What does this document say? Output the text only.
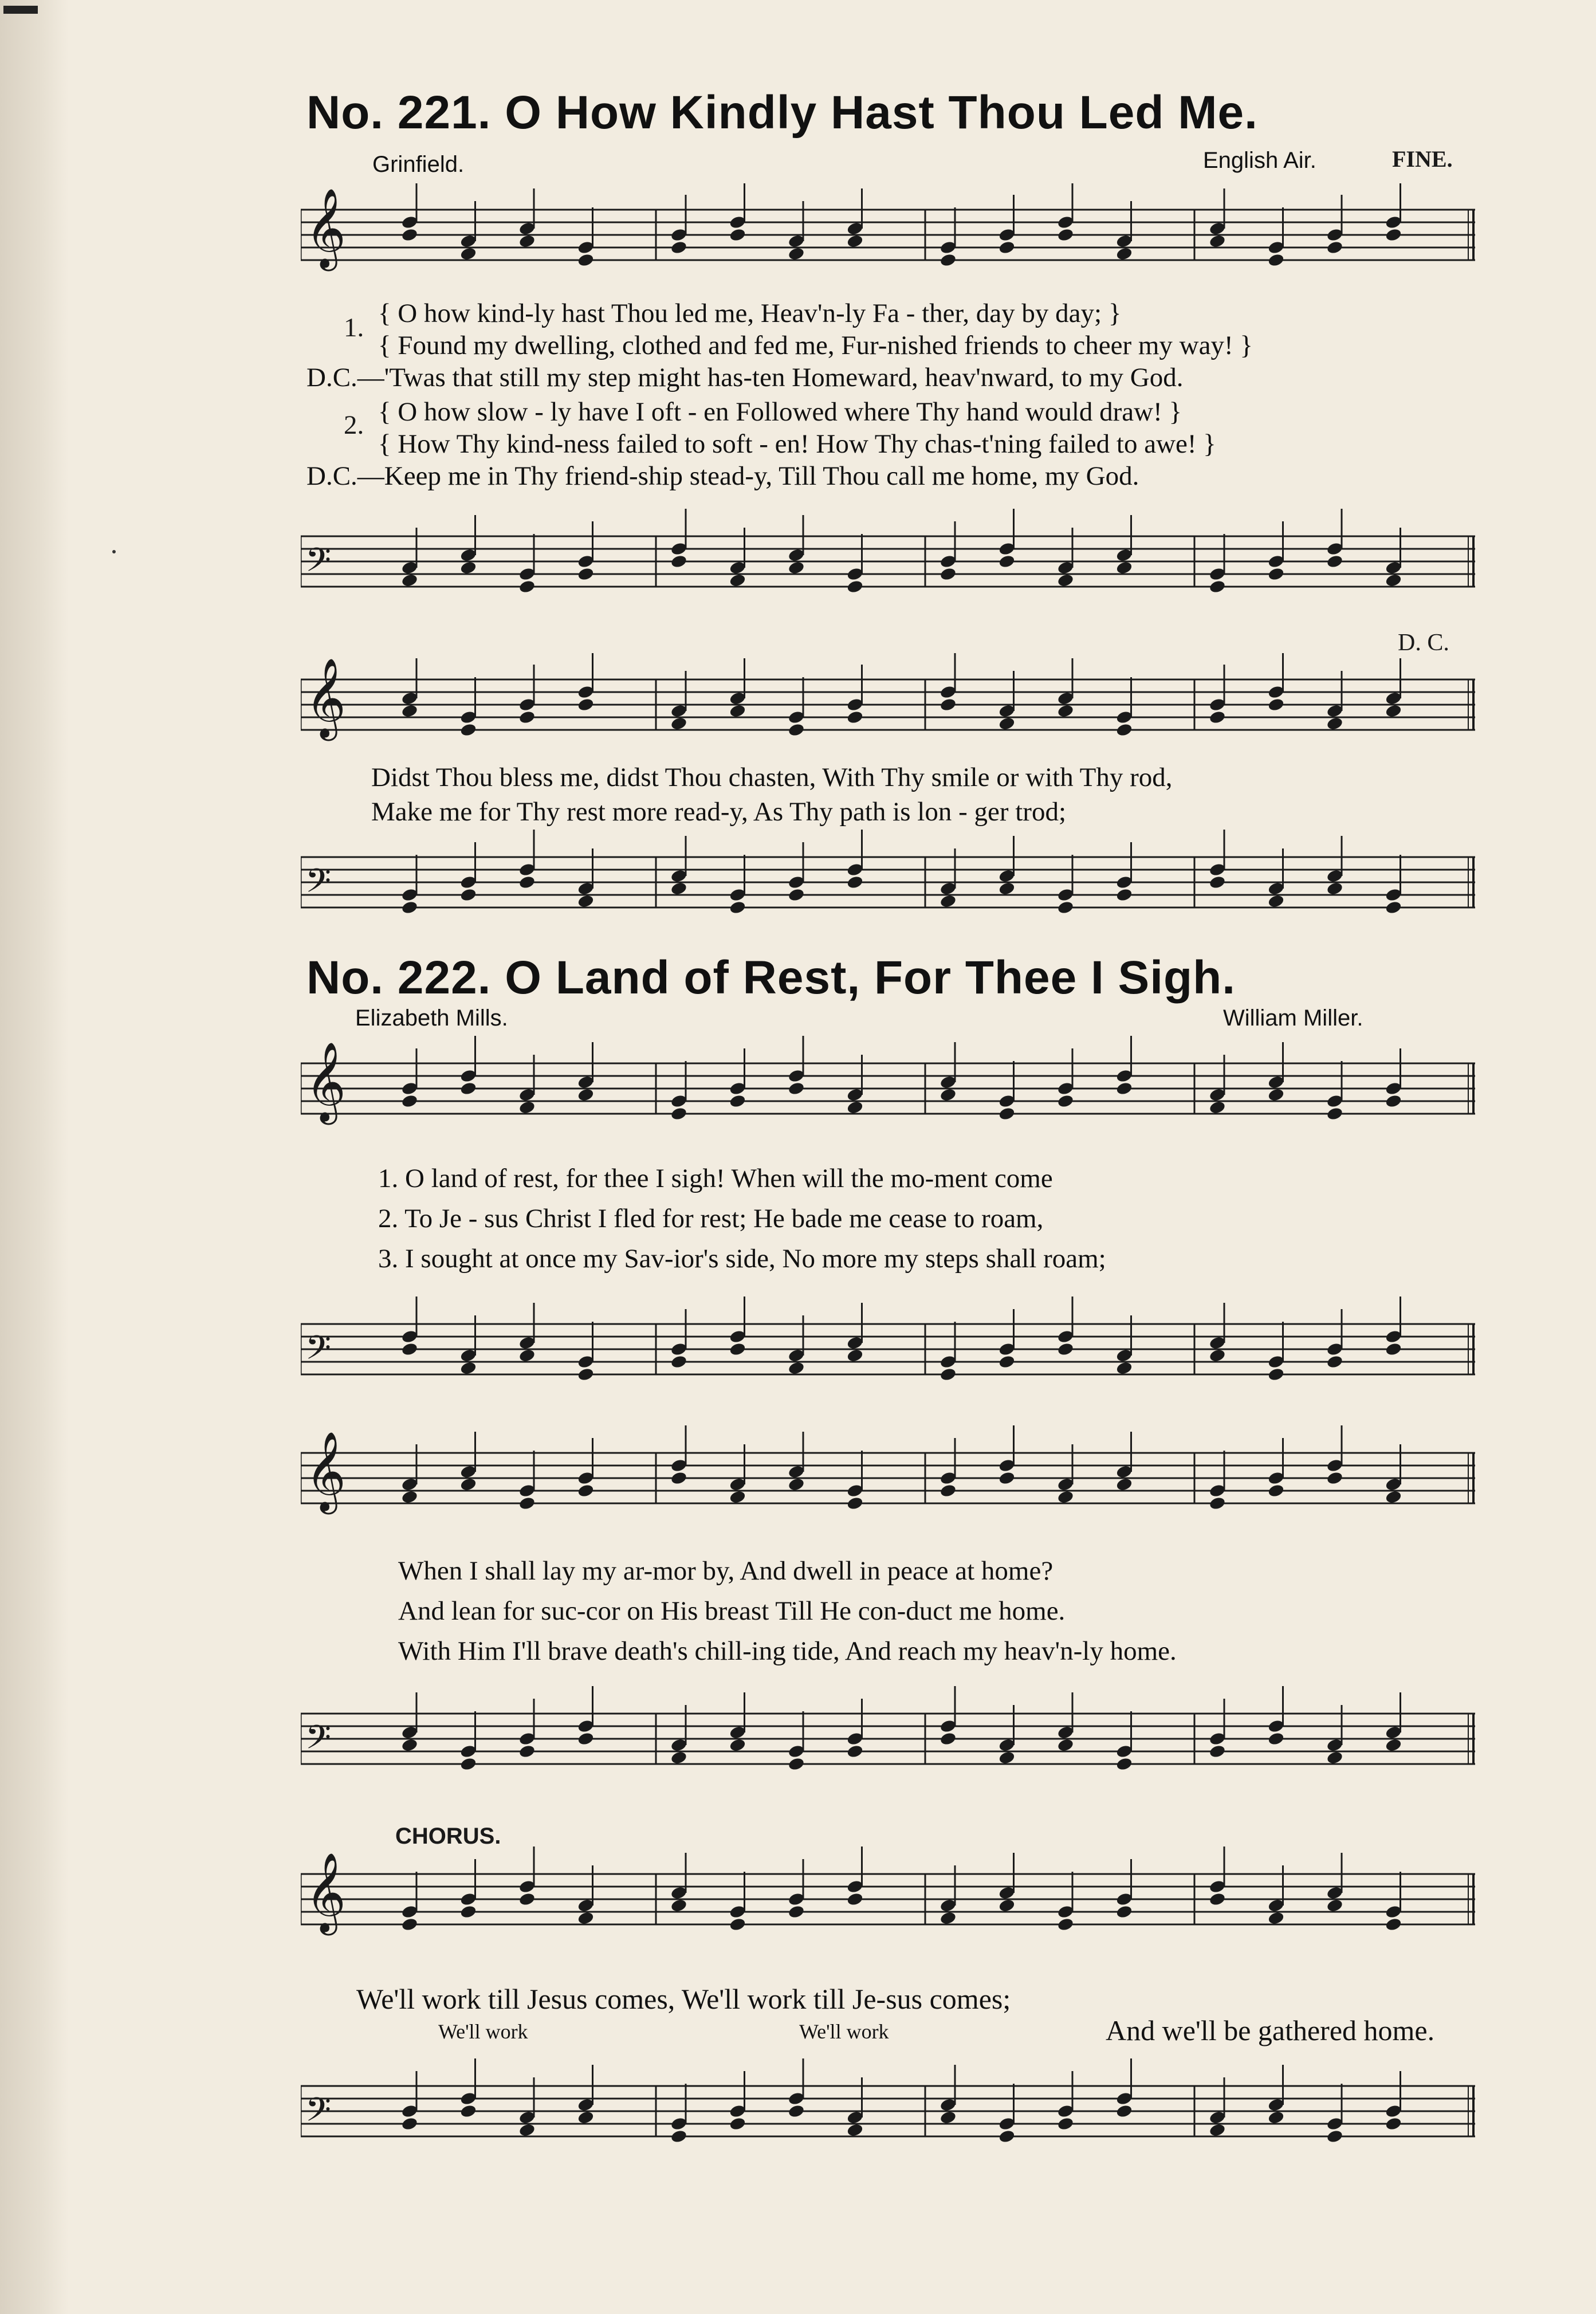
No. 221. O How Kindly Hast Thou Led Me.
Grinfield.	English Air.	FINE.
𝄞
{ O how kind-ly hast Thou led me, Heav'n-ly Fa - ther, day by day; }
{ Found my dwelling, clothed and fed me, Fur-nished friends to cheer my way! }
D.C.—'Twas that still my step might has-ten Homeward, heav'nward, to my God.
{ O how slow - ly have I oft - en Followed where Thy hand would draw! }
{ How Thy kind-ness failed to soft - en! How Thy chas-t'ning failed to awe! }
D.C.—Keep me in Thy friend-ship stead-y, Till Thou call me home, my God.
1.
2.
𝄢
D. C.
𝄞
Didst Thou bless me, didst Thou chasten, With Thy smile or with Thy rod,
Make me for Thy rest more read-y, As Thy path is lon - ger trod;
𝄢
No. 222. O Land of Rest, For Thee I Sigh.
Elizabeth Mills.	William Miller.
𝄞
1. O land of rest, for thee I sigh! When will the mo-ment come
2. To Je - sus Christ I fled for rest; He bade me cease to roam,
3. I sought at once my Sav-ior's side, No more my steps shall roam;
𝄢
𝄞
When I shall lay my ar-mor by, And dwell in peace at home?
And lean for suc-cor on His breast Till He con-duct me home.
With Him I'll brave death's chill-ing tide, And reach my heav'n-ly home.
𝄢
CHORUS.
𝄞
We'll work till Jesus comes, We'll work till Je-sus comes;
And we'll be gathered home.
We'll work	We'll work
𝄢
